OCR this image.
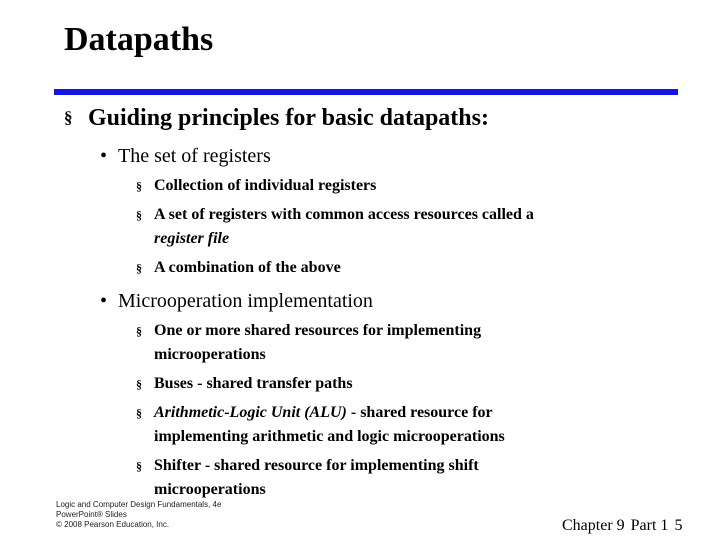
Datapaths
§ Guiding principles for basic datapaths:
• The set of registers
§ Collection of individual registers
§ A set of registers with common access resources called a
register file
§ A combination of the above
• Microoperation implementation
§ One or more shared resources for implementing
microoperations
§ Buses - shared transfer paths
§ Arithmetic-Logic Unit (ALU) - shared resource for
implementing arithmetic and logic microoperations
§ Shifter - shared resource for implementing shift
microoperations
Logic and Computer Design Fundamentals, 4e
PowerPoint® Slides
© 2008 Pearson Education, Inc.	Chapter 9 Part 1 5
